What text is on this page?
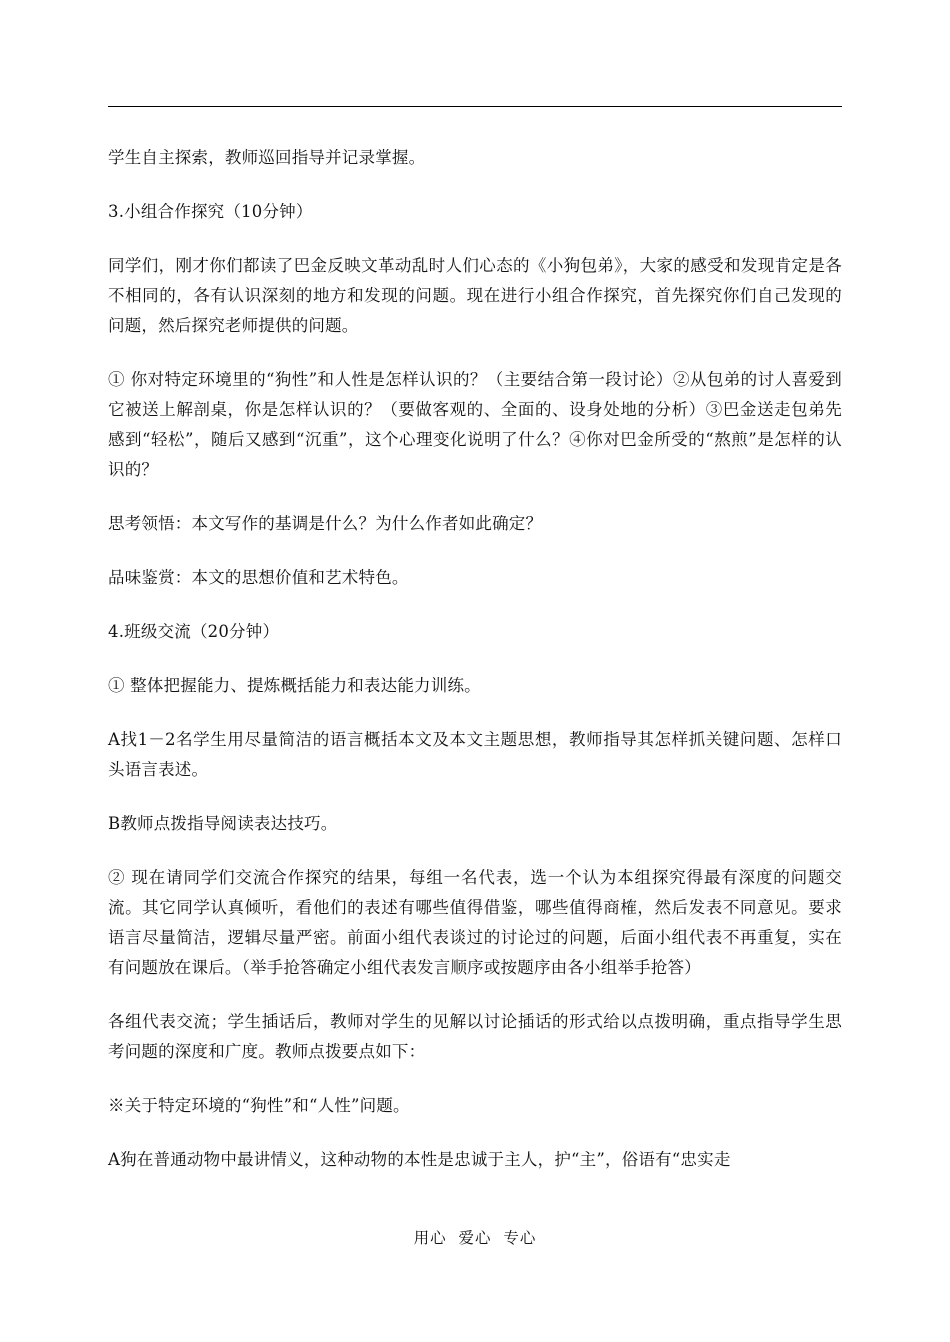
学生自主探索，教师巡回指导并记录掌握。

3.小组合作探究（10分钟）

同学们，刚才你们都读了巴金反映文革动乱时人们心态的《小狗包弟》，大家的感受和发现肯定是各不相同的，各有认识深刻的地方和发现的问题。现在进行小组合作探究，首先探究你们自己发现的问题，然后探究老师提供的问题。

① 你对特定环境里的“狗性”和人性是怎样认识的？（主要结合第一段讨论）②从包弟的讨人喜爱到它被送上解剖桌，你是怎样认识的？（要做客观的、全面的、设身处地的分析）③巴金送走包弟先感到“轻松”，随后又感到“沉重”，这个心理变化说明了什么？④你对巴金所受的“熬煎”是怎样的认识的？

思考领悟：本文写作的基调是什么？为什么作者如此确定？

品味鉴赏：本文的思想价值和艺术特色。

4.班级交流（20分钟）

① 整体把握能力、提炼概括能力和表达能力训练。

A找1－2名学生用尽量简洁的语言概括本文及本文主题思想，教师指导其怎样抓关键问题、怎样口头语言表述。

B教师点拨指导阅读表达技巧。

② 现在请同学们交流合作探究的结果，每组一名代表，选一个认为本组探究得最有深度的问题交流。其它同学认真倾听，看他们的表述有哪些值得借鉴，哪些值得商榷，然后发表不同意见。要求语言尽量简洁，逻辑尽量严密。前面小组代表谈过的讨论过的问题，后面小组代表不再重复，实在有问题放在课后。（举手抢答确定小组代表发言顺序或按题序由各小组举手抢答）

各组代表交流；学生插话后，教师对学生的见解以讨论插话的形式给以点拨明确，重点指导学生思考问题的深度和广度。教师点拨要点如下：

※关于特定环境的“狗性”和“人性”问题。

A狗在普通动物中最讲情义，这种动物的本性是忠诚于主人，护“主”，俗语有“忠实走

用心  爱心  专心
